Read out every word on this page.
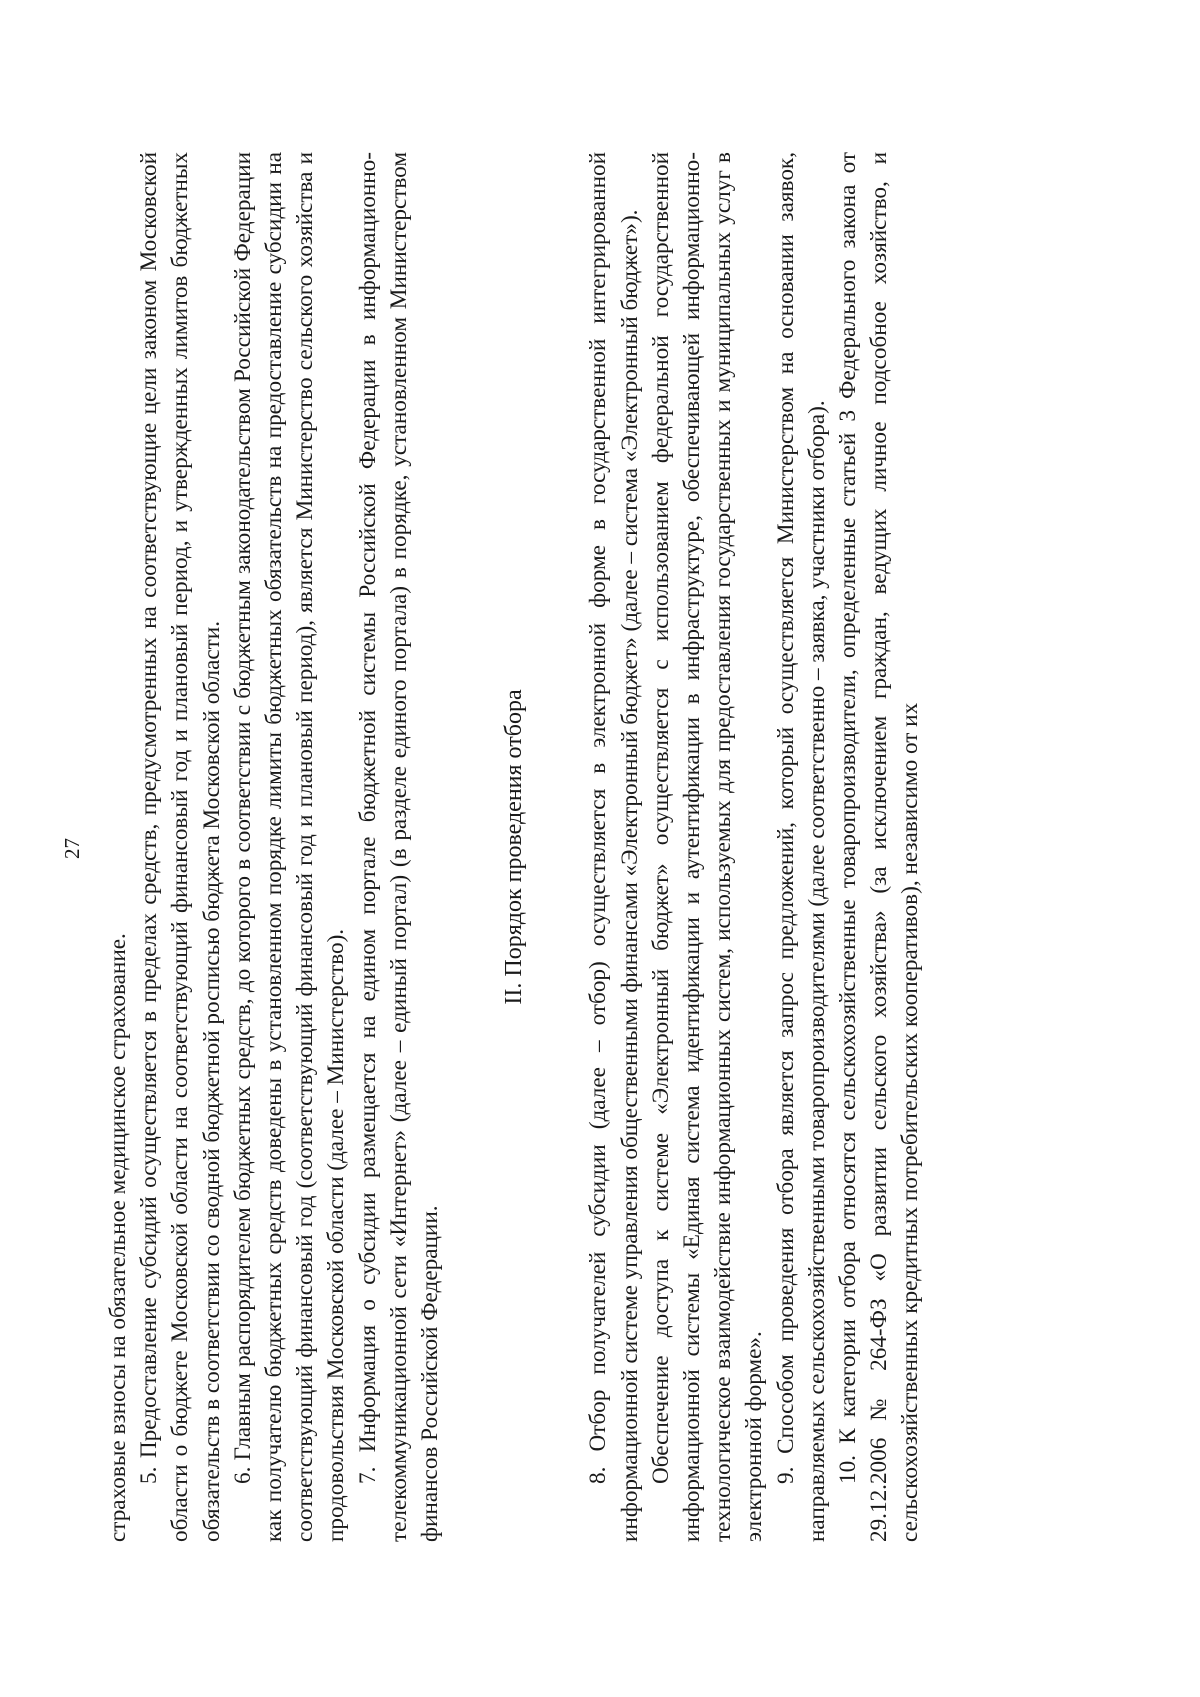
27

страховые взносы на обязательное медицинское страхование. 5. Предоставление субсидий осуществляется в пределах средств, предусмотренных на соответствующие цели законом Московской области о бюджете Московской области на соответствующий финансовый год и плановый период, и утвержденных лимитов бюджетных обязательств в соответствии со сводной бюджетной росписью бюджета Московской области. 6. Главным распорядителем бюджетных средств, до которого в соответствии с бюджетным законодательством Российской Федерации как получателю бюджетных средств доведены в установленном порядке лимиты бюджетных обязательств на предоставление субсидии на соответствующий финансовый год (соответствующий финансовый год и плановый период), является Министерство сельского хозяйства и продовольствия Московской области (далее – Министерство). 7. Информация о субсидии размещается на едином портале бюджетной системы Российской Федерации в информационно-телекоммуникационной сети «Интернет» (далее – единый портал) (в разделе единого портала) в порядке, установленном Министерством финансов Российской Федерации.

II. Порядок проведения отбора	8. Отбор получателей субсидии (далее – отбор) осуществляется в электронной форме в государственной интегрированной информационной системе управления общественными финансами «Электронный бюджет» (далее – система «Электронный бюджет»). Обеспечение доступа к системе «Электронный бюджет» осуществляется с использованием федеральной государственной информационной системы «Единая система идентификации и аутентификации в инфраструктуре, обеспечивающей информационно-технологическое взаимодействие информационных систем, используемых для предоставления государственных и муниципальных услуг в электронной форме». 9. Способом проведения отбора является запрос предложений, который осуществляется Министерством на основании заявок, направляемых сельскохозяйственными товаропроизводителями (далее соответственно – заявка, участники отбора). 10. К категории отбора относятся сельскохозяйственные товаропроизводители, определенные статьей 3 Федерального закона от 29.12.2006 № 264-ФЗ «О развитии сельского хозяйства» (за исключением граждан, ведущих личное подсобное хозяйство, и сельскохозяйственных кредитных потребительских кооперативов), независимо от их
